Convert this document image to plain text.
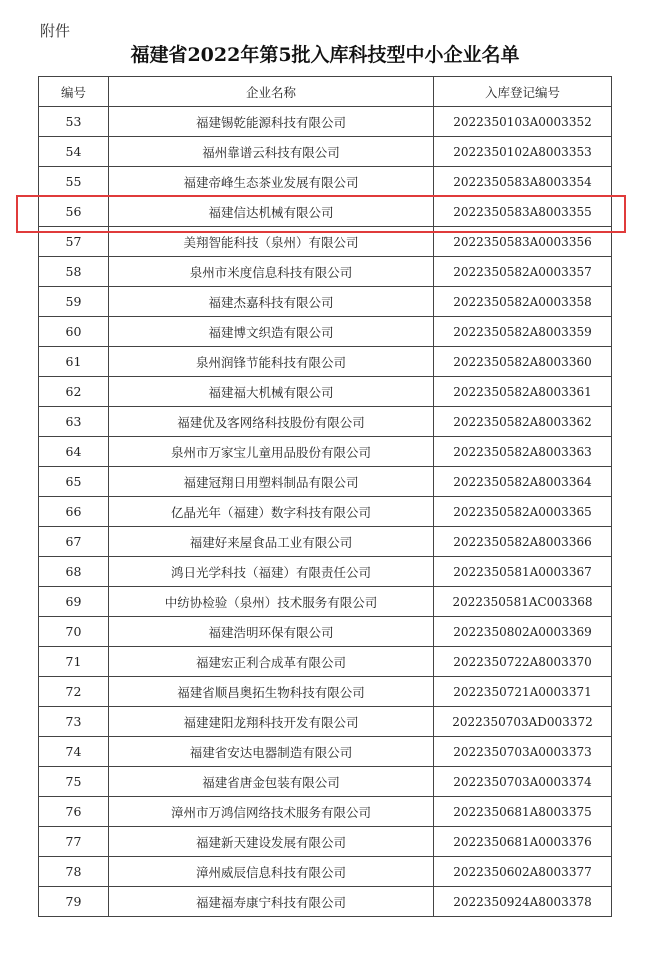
附件
福建省2022年第5批入库科技型中小企业名单
编号	企业名称	入库登记编号
53	福建锡乾能源科技有限公司	2022350103A0003352
54	福州靠谱云科技有限公司	2022350102A8003353
55	福建帝峰生态茶业发展有限公司	2022350583A8003354
56	福建信达机械有限公司	2022350583A8003355
57	美翔智能科技（泉州）有限公司	2022350583A0003356
58	泉州市米度信息科技有限公司	2022350582A0003357
59	福建杰嘉科技有限公司	2022350582A0003358
60	福建博文织造有限公司	2022350582A8003359
61	泉州润锋节能科技有限公司	2022350582A8003360
62	福建福大机械有限公司	2022350582A8003361
63	福建优及客网络科技股份有限公司	2022350582A8003362
64	泉州市万家宝儿童用品股份有限公司	2022350582A8003363
65	福建冠翔日用塑料制品有限公司	2022350582A8003364
66	亿晶光年（福建）数字科技有限公司	2022350582A0003365
67	福建好来屋食品工业有限公司	2022350582A8003366
68	鸿日光学科技（福建）有限责任公司	2022350581A0003367
69	中纺协检验（泉州）技术服务有限公司	2022350581AC003368
70	福建浩明环保有限公司	2022350802A0003369
71	福建宏正利合成革有限公司	2022350722A8003370
72	福建省顺昌奥拓生物科技有限公司	2022350721A0003371
73	福建建阳龙翔科技开发有限公司	2022350703AD003372
74	福建省安达电器制造有限公司	2022350703A0003373
75	福建省唐金包装有限公司	2022350703A0003374
76	漳州市万鸿信网络技术服务有限公司	2022350681A8003375
77	福建新天建设发展有限公司	2022350681A0003376
78	漳州威辰信息科技有限公司	2022350602A8003377
79	福建福寿康宁科技有限公司	2022350924A8003378
